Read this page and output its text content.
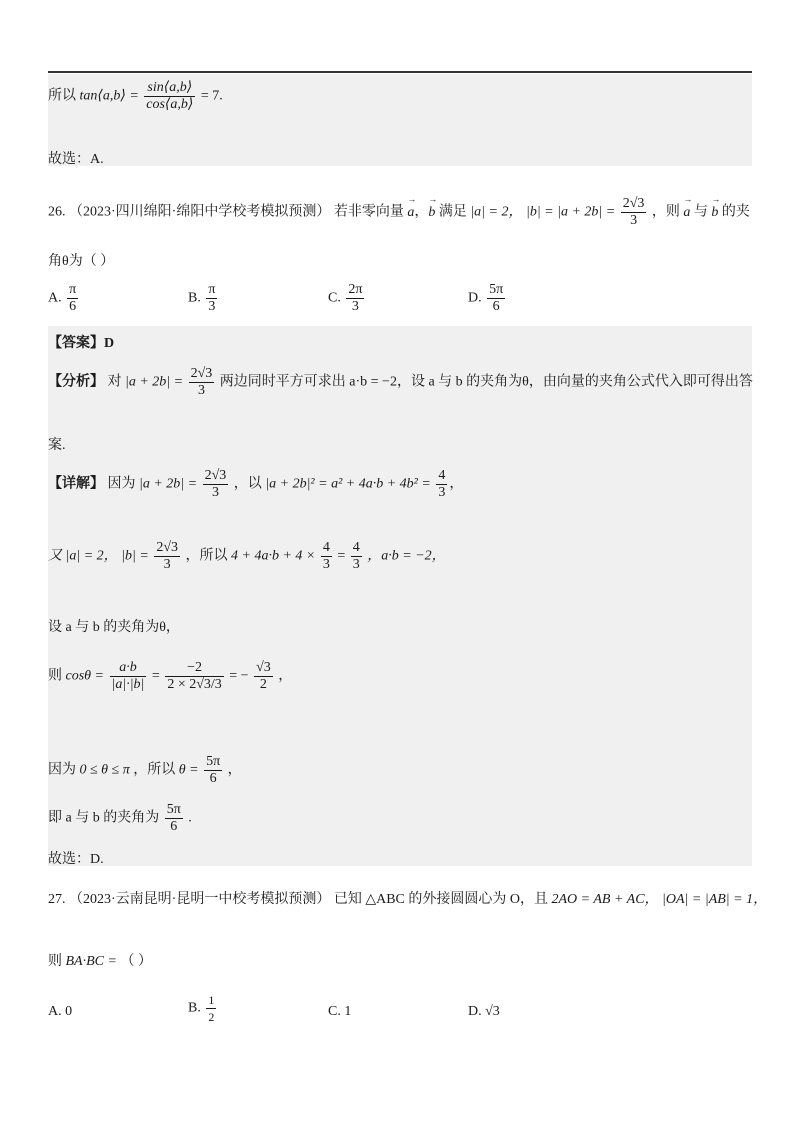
所以 tan⟨a,b⟩ = $\frac{\sin⟨a,b⟩}{\cos⟨a,b⟩} = 7$.
故选：A.
26. （2023·四川绵阳·绵阳中学校考模拟预测） 若非零向量 → a，→ b 满足 |a| = 2， $|b| = |a + 2b| = \frac{2√3}{3}$ ，则 → a 与 → b 的夹
角θ为（ ）
A. $\frac{\pi}{6}$	B. $\frac{\pi}{3}$	C. $\frac{2\pi}{3}$	D. $\frac{5\pi}{6}$
【答案】D
【分析】 对 $|a + 2b| = \frac{2√3}{3}$ 两边同时平方可求出 a·b = −2，设 a 与 b 的夹角为θ，由向量的夹角公式代入即可得出答
案.
【详解】 因为 $|a + 2b| = \frac{2√3}{3}$ ，以 $|a + 2b|^2 = a^2 + 4a\cdot b + 4b^2 = \frac{4}{3}$ ，
又 |a| = 2， $|b| = \frac{2√3}{3}$ ，所以 $4 + 4a\cdot b + 4 \times \frac{4}{3} = \frac{4}{3}$ ，a·b = −2，
设 a 与 b 的夹角为θ，
则 $\cos\theta = \frac{a\cdot b}{|a|\cdot|b|} = \frac{-2}{2 \times 2√3/3}$ = − $\frac{√3}{2}$ ，
因为 0 ≤ θ ≤ π ，所以 $\theta = \frac{5\pi}{6}$ ，
即 a 与 b 的夹角为 $\frac{5\pi}{6}$ .
故选：D.
27. （2023·云南昆明·昆明一中校考模拟预测） 已知 △ABC 的外接圆圆心为 O，且 2AO = AB + AC， |OA| = |AB| = 1，
则 BA·BC = （ ）
A. 0	B. $\frac{1}{2}$	C. 1	D. √3
